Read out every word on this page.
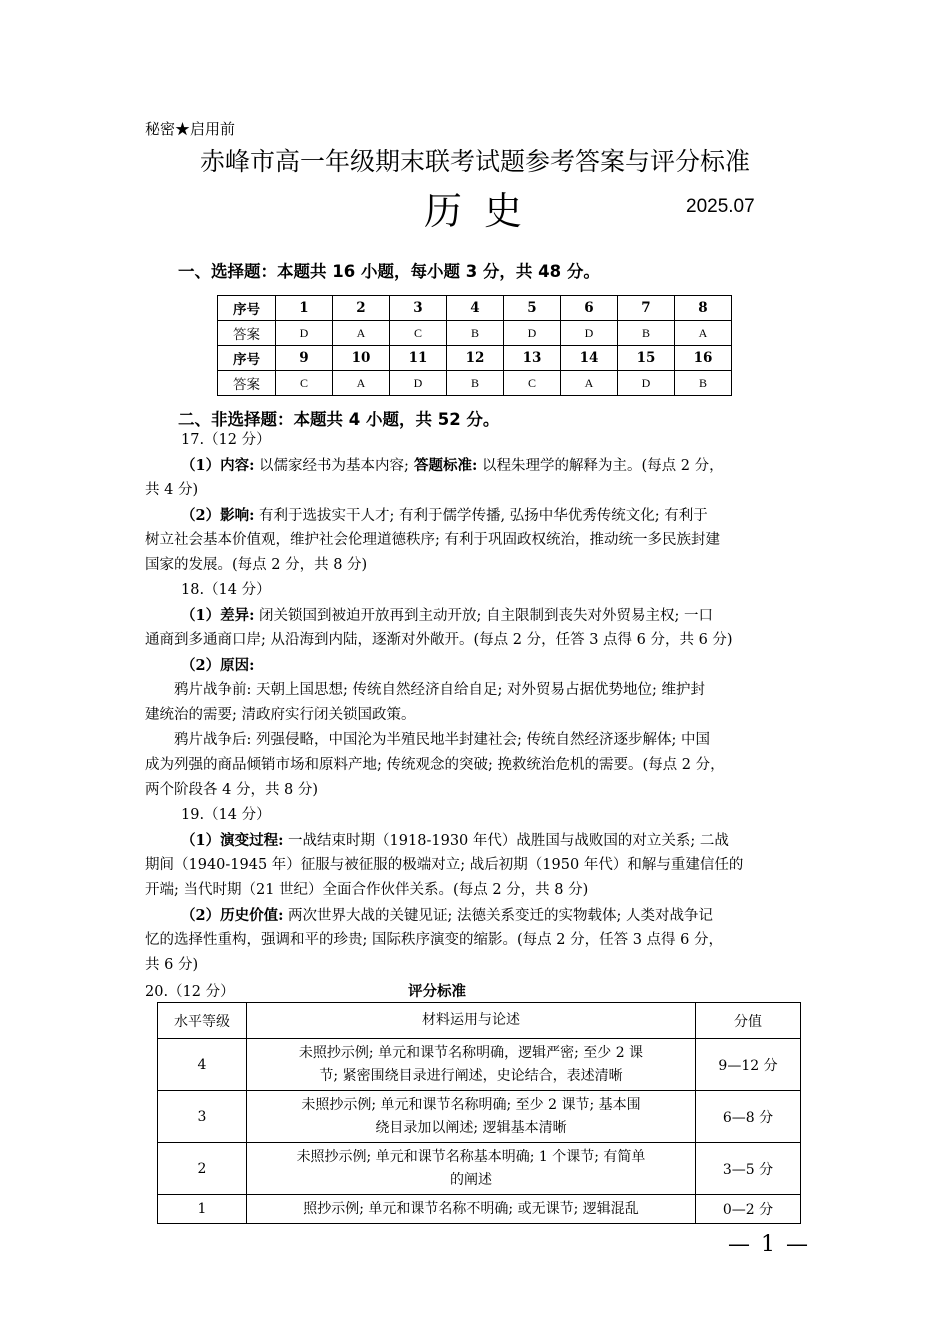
秘密★启用前
赤峰市高一年级期末联考试题参考答案与评分标准
历史	2025.07
一、选择题：本题共 16 小题，每小题 3 分，共 48 分。
序号	1	2	3	4	5	6	7	8
答案	D	A	C	B	D	D	B	A
序号	9	10	11	12	13	14	15	16
答案	C	A	D	B	C	A	D	B
二、非选择题：本题共 4 小题，共 52 分。
17.（12 分）
（1）内容: 以儒家经书为基本内容; 答题标准: 以程朱理学的解释为主。(每点 2 分，
共 4 分)
（2）影响: 有利于选拔实干人才; 有利于儒学传播, 弘扬中华优秀传统文化; 有利于
树立社会基本价值观，维护社会伦理道德秩序; 有利于巩固政权统治，推动统一多民族封建
国家的发展。(每点 2 分，共 8 分)
18.（14 分）
（1）差异: 闭关锁国到被迫开放再到主动开放; 自主限制到丧失对外贸易主权; 一口
通商到多通商口岸; 从沿海到内陆，逐渐对外敞开。(每点 2 分，任答 3 点得 6 分，共 6 分)
（2）原因:
鸦片战争前: 天朝上国思想; 传统自然经济自给自足; 对外贸易占据优势地位; 维护封
建统治的需要; 清政府实行闭关锁国政策。
鸦片战争后: 列强侵略，中国沦为半殖民地半封建社会; 传统自然经济逐步解体; 中国
成为列强的商品倾销市场和原料产地; 传统观念的突破; 挽救统治危机的需要。(每点 2 分，
两个阶段各 4 分，共 8 分)
19.（14 分）
（1）演变过程: 一战结束时期（1918-1930 年代）战胜国与战败国的对立关系; 二战
期间（1940-1945 年）征服与被征服的极端对立; 战后初期（1950 年代）和解与重建信任的
开端; 当代时期（21 世纪）全面合作伙伴关系。(每点 2 分，共 8 分)
（2）历史价值: 两次世界大战的关键见证; 法德关系变迁的实物载体; 人类对战争记
忆的选择性重构，强调和平的珍贵; 国际秩序演变的缩影。(每点 2 分，任答 3 点得 6 分，
共 6 分)
20.（12 分）	评分标准
水平等级	材料运用与论述	分值
4	未照抄示例; 单元和课节名称明确，逻辑严密; 至少 2 课
节; 紧密围绕目录进行阐述，史论结合，表述清晰	9—12 分
3	未照抄示例; 单元和课节名称明确; 至少 2 课节; 基本围
绕目录加以阐述; 逻辑基本清晰	6—8 分
2	未照抄示例; 单元和课节名称基本明确; 1 个课节; 有简单
的阐述	3—5 分
1	照抄示例; 单元和课节名称不明确; 或无课节; 逻辑混乱	0—2 分
— 1 —
